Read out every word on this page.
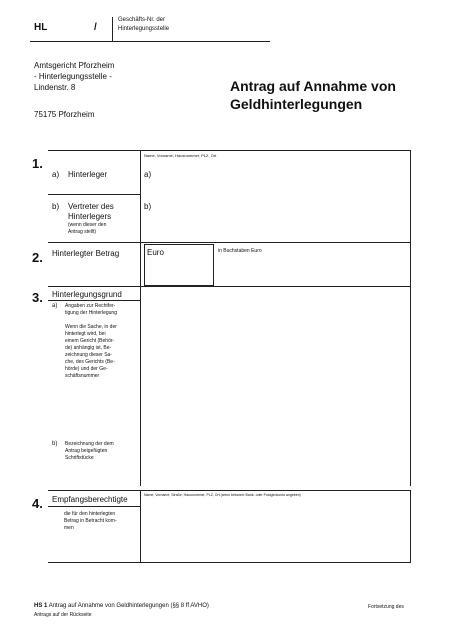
HL	/
Geschäfts-Nr. der
Hinterlegungsstelle
Amtsgericht Pforzheim
- Hinterlegungsstelle -
Lindenstr. 8
75175 Pforzheim
Antrag auf Annahme von
Geldhinterlegungen
1.
Name, Vorname, Hausnummer, PLZ, Ort
a) Hinterleger	a)
b) Vertreter des
Hinterlegers
(wenn dieser den
Antrag stellt)
b)
2. Hinterlegter Betrag	Euro	in Buchstaben Euro
3. Hinterlegungsgrund
a) Angaben zur Rechtfer-
tigung der Hinterlegung
Wenn die Sache, in der
hinterlegt wird, bei
einem Gericht (Behör-
de) anhängig ist, Be-
zeichnung dieser Sa-
che, des Gerichts (Be-
hörde) und der Ge-
schäftsnummer
b) Bezeichnung der dem
Antrag beigefügten
Schriftstücke
4. Empfangsberechtigte	Name, Vorname, Straße, Hausnummer, PLZ, Ort (wenn bekannt: Bank- oder Postgirokonto angeben)
die für den hinterlegten
Betrag in Betracht kom-
men
HS 1 Antrag auf Annahme von Geldhinterlegungen (§§ 8 ff AVHO)
Antrags auf der Rückseite
Fortsetzung des
